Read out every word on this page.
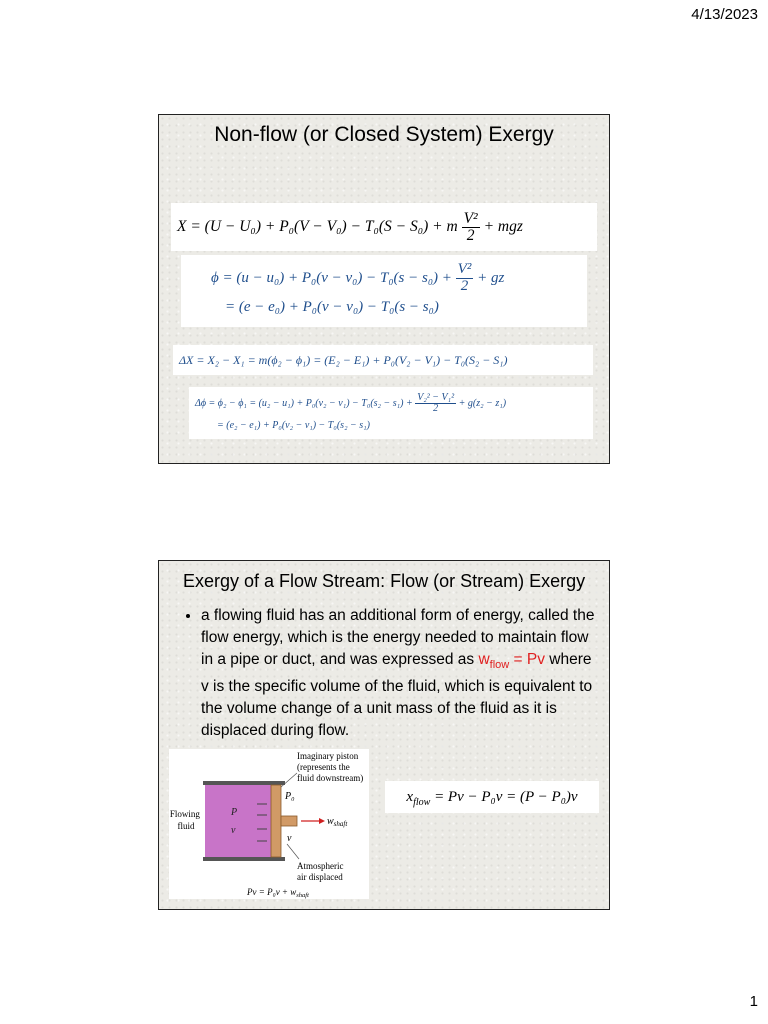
4/13/2023
Non-flow (or Closed System) Exergy
X = (U − U₀) + P₀(V − V₀) − T₀(S − S₀) + m $\frac{\text{V²}}{2}$ + mgz
$\phi = (u - u_0) + P_0(v - v_0) - T_0(s - s_0) + \frac{\text{V²}}{2}$ + gz
= (e − e₀) + P₀(v − v₀) − T₀(s − s₀)
ΔX = X₂ − X₁ = m(ϕ₂ − ϕ₁) = (E₂ − E₁) + P₀(V₂ − V₁) − T₀(S₂ − S₁)
$\Delta\phi = \phi_2 - \phi_1 = (u_2 - u_1) + P_0(v_2 - v_1) - T_0(s_2 - s_1) + \frac{\text{V₂² − V₁²}}{2} + g(z_2 - z_1)$
= (e₂ − e₁) + P₀(v₂ − v₁) − T₀(s₂ − s₁)
Exergy of a Flow Stream: Flow (or Stream) Exergy
• a flowing fluid has an additional form of energy, called the flow energy, which is the energy needed to maintain flow in a pipe or duct, and was expressed as $w_{flow} = Pv$ where v is the specific volume of the fluid, which is equivalent to the volume change of a unit mass of the fluid as it is displaced during flow.
Imaginary piston (represents the fluid downstream)
Flowing fluid
P
v
P₀
v
$w_{shaft}$
Atmospheric air displaced
$Pv = P_0v + w_{shaft}$
$x_{flow} = Pv - P_0v = (P - P_0)v$
1
